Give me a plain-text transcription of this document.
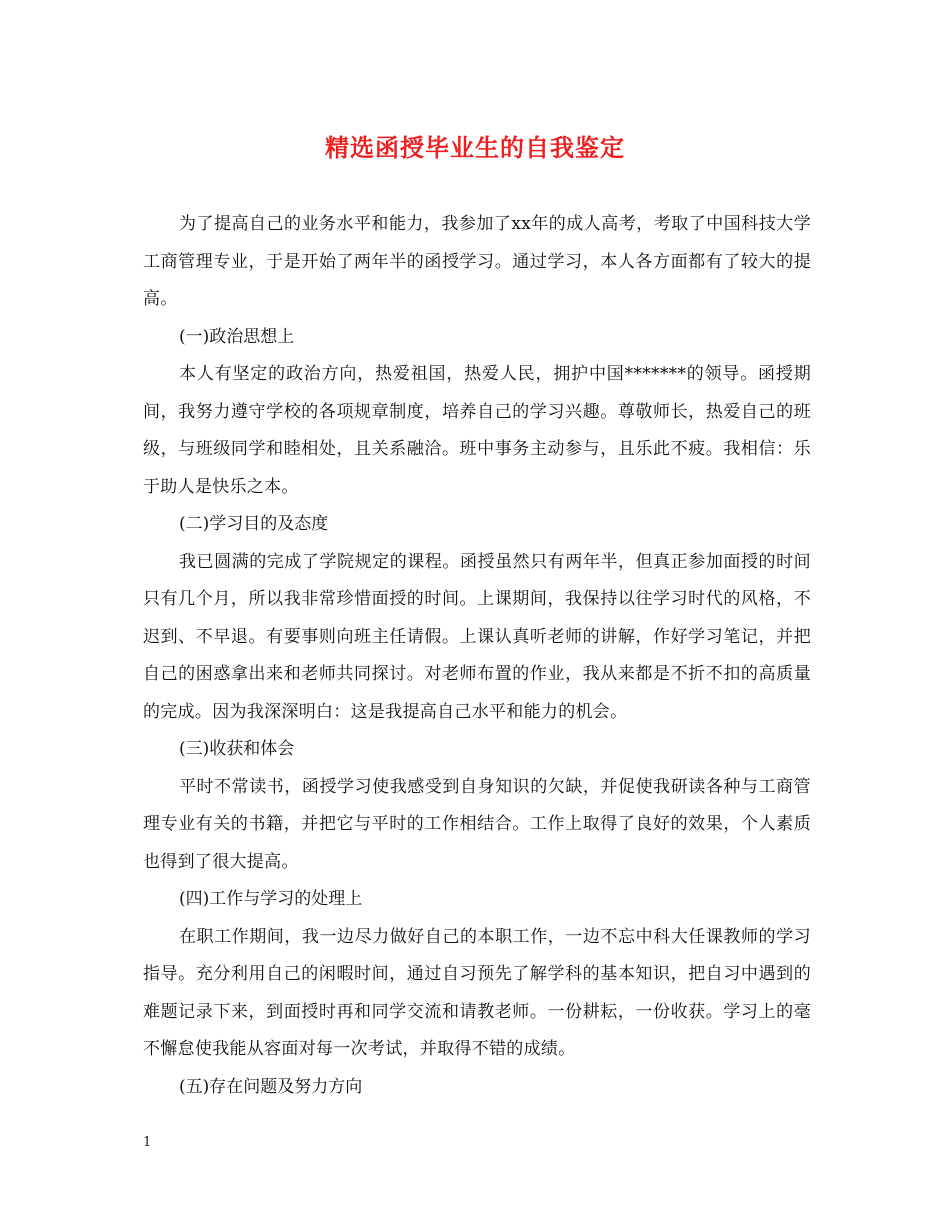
精选函授毕业生的自我鉴定

为了提高自己的业务水平和能力，我参加了xx年的成人高考，考取了中国科技大学工商管理专业，于是开始了两年半的函授学习。通过学习，本人各方面都有了较大的提高。

(一)政治思想上

本人有坚定的政治方向，热爱祖国，热爱人民，拥护中国*******的领导。函授期间，我努力遵守学校的各项规章制度，培养自己的学习兴趣。尊敬师长，热爱自己的班级，与班级同学和睦相处，且关系融洽。班中事务主动参与，且乐此不疲。我相信：乐于助人是快乐之本。

(二)学习目的及态度

我已圆满的完成了学院规定的课程。函授虽然只有两年半，但真正参加面授的时间只有几个月，所以我非常珍惜面授的时间。上课期间，我保持以往学习时代的风格，不迟到、不早退。有要事则向班主任请假。上课认真听老师的讲解，作好学习笔记，并把自己的困惑拿出来和老师共同探讨。对老师布置的作业，我从来都是不折不扣的高质量的完成。因为我深深明白：这是我提高自己水平和能力的机会。

(三)收获和体会

平时不常读书，函授学习使我感受到自身知识的欠缺，并促使我研读各种与工商管理专业有关的书籍，并把它与平时的工作相结合。工作上取得了良好的效果，个人素质也得到了很大提高。

(四)工作与学习的处理上

在职工作期间，我一边尽力做好自己的本职工作，一边不忘中科大任课教师的学习指导。充分利用自己的闲暇时间，通过自习预先了解学科的基本知识，把自习中遇到的难题记录下来，到面授时再和同学交流和请教老师。一份耕耘，一份收获。学习上的毫不懈怠使我能从容面对每一次考试，并取得不错的成绩。

(五)存在问题及努力方向

1
